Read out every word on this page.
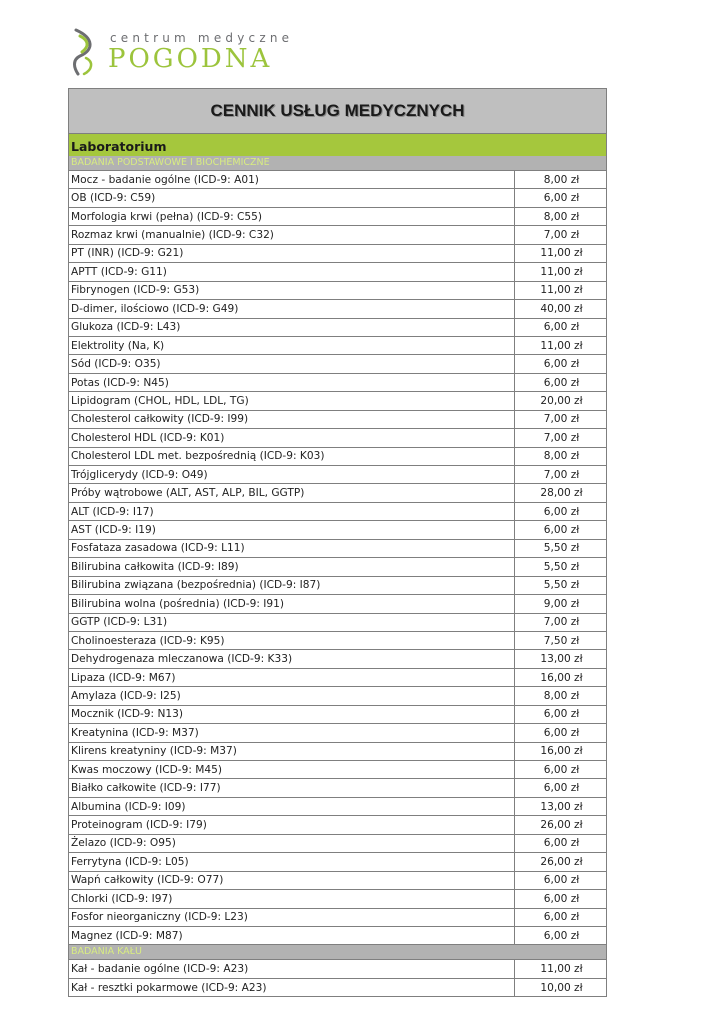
centrum medyczne
POGODNA
CENNIK USŁUG MEDYCZNYCH
Laboratorium
BADANIA PODSTAWOWE I BIOCHEMICZNE
Mocz - badanie ogólne (ICD-9: A01)	8,00 zł
OB (ICD-9: C59)	6,00 zł
Morfologia krwi (pełna) (ICD-9: C55)	8,00 zł
Rozmaz krwi (manualnie) (ICD-9: C32)	7,00 zł
PT (INR) (ICD-9: G21)	11,00 zł
APTT (ICD-9: G11)	11,00 zł
Fibrynogen (ICD-9: G53)	11,00 zł
D-dimer, ilościowo (ICD-9: G49)	40,00 zł
Glukoza (ICD-9: L43)	6,00 zł
Elektrolity (Na, K)	11,00 zł
Sód (ICD-9: O35)	6,00 zł
Potas (ICD-9: N45)	6,00 zł
Lipidogram (CHOL, HDL, LDL, TG)	20,00 zł
Cholesterol całkowity (ICD-9: I99)	7,00 zł
Cholesterol HDL (ICD-9: K01)	7,00 zł
Cholesterol LDL met. bezpośrednią (ICD-9: K03)	8,00 zł
Trójglicerydy (ICD-9: O49)	7,00 zł
Próby wątrobowe (ALT, AST, ALP, BIL, GGTP)	28,00 zł
ALT (ICD-9: I17)	6,00 zł
AST (ICD-9: I19)	6,00 zł
Fosfataza zasadowa (ICD-9: L11)	5,50 zł
Bilirubina całkowita (ICD-9: I89)	5,50 zł
Bilirubina związana (bezpośrednia) (ICD-9: I87)	5,50 zł
Bilirubina wolna (pośrednia) (ICD-9: I91)	9,00 zł
GGTP (ICD-9: L31)	7,00 zł
Cholinoesteraza (ICD-9: K95)	7,50 zł
Dehydrogenaza mleczanowa (ICD-9: K33)	13,00 zł
Lipaza (ICD-9: M67)	16,00 zł
Amylaza (ICD-9: I25)	8,00 zł
Mocznik (ICD-9: N13)	6,00 zł
Kreatynina (ICD-9: M37)	6,00 zł
Klirens kreatyniny (ICD-9: M37)	16,00 zł
Kwas moczowy (ICD-9: M45)	6,00 zł
Białko całkowite (ICD-9: I77)	6,00 zł
Albumina (ICD-9: I09)	13,00 zł
Proteinogram (ICD-9: I79)	26,00 zł
Żelazo (ICD-9: O95)	6,00 zł
Ferrytyna (ICD-9: L05)	26,00 zł
Wapń całkowity (ICD-9: O77)	6,00 zł
Chlorki (ICD-9: I97)	6,00 zł
Fosfor nieorganiczny (ICD-9: L23)	6,00 zł
Magnez (ICD-9: M87)	6,00 zł
BADANIA KAŁU
Kał - badanie ogólne (ICD-9: A23)	11,00 zł
Kał - resztki pokarmowe (ICD-9: A23)	10,00 zł
